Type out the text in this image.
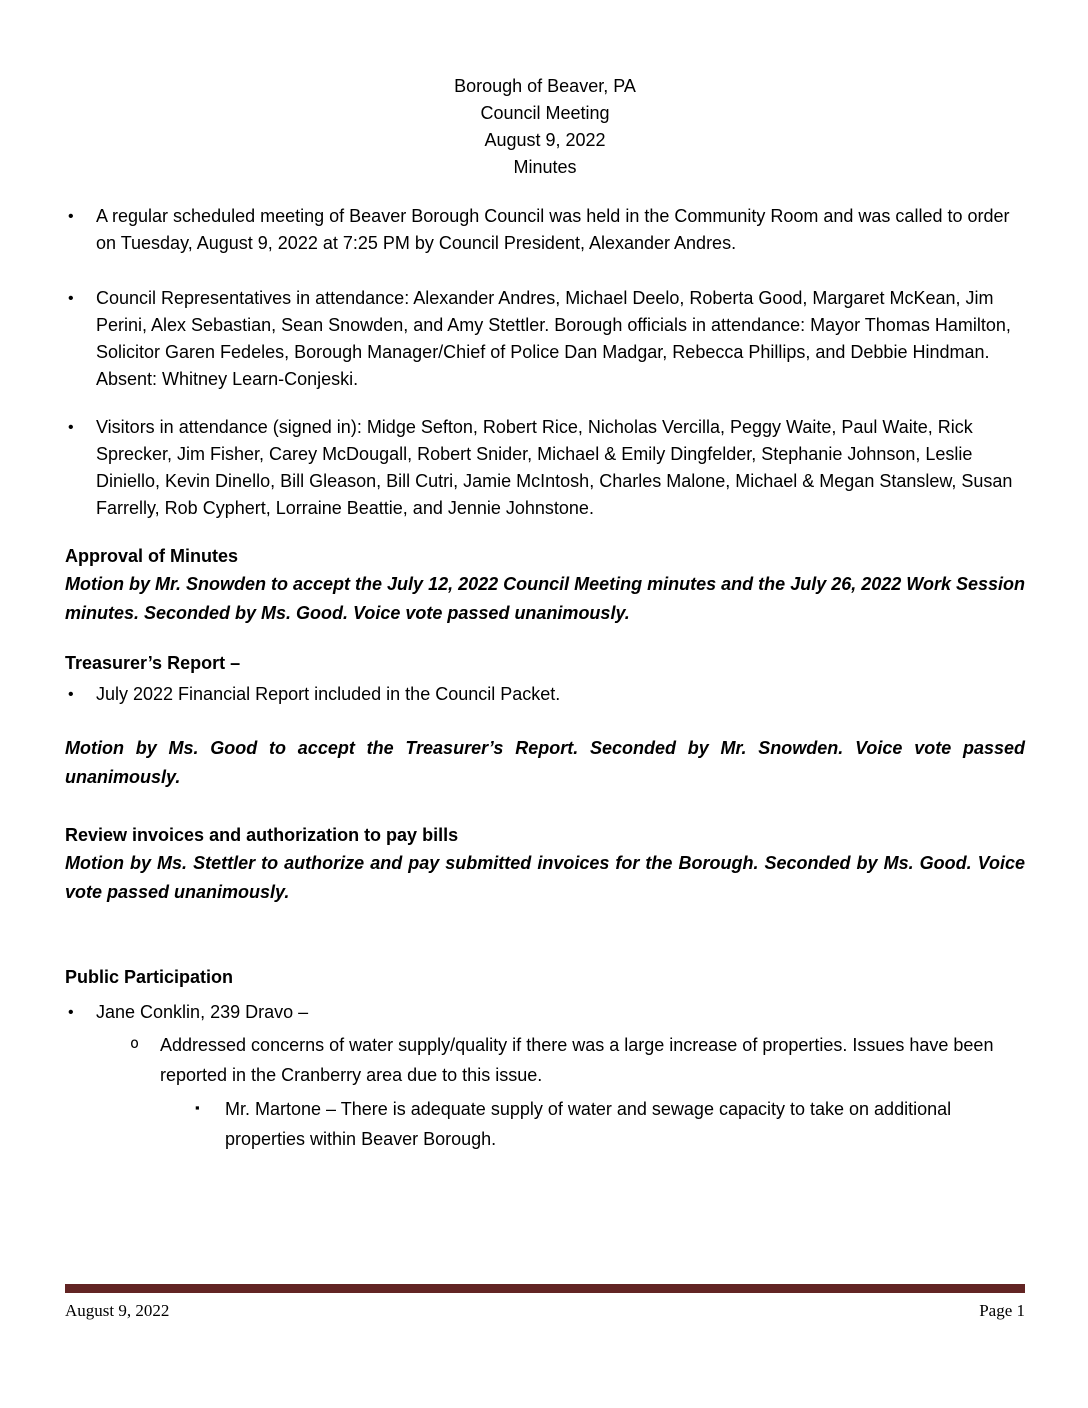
Borough of Beaver, PA

Council Meeting

August 9, 2022

Minutes

•	A regular scheduled meeting of Beaver Borough Council was held in the Community Room and was called to order on Tuesday, August 9, 2022 at 7:25 PM by Council President, Alexander Andres.

•	Council Representatives in attendance: Alexander Andres, Michael Deelo, Roberta Good, Margaret McKean, Jim Perini, Alex Sebastian, Sean Snowden, and Amy Stettler. Borough officials in attendance: Mayor Thomas Hamilton, Solicitor Garen Fedeles, Borough Manager/Chief of Police Dan Madgar, Rebecca Phillips, and Debbie Hindman. Absent: Whitney Learn-Conjeski.

•	Visitors in attendance (signed in): Midge Sefton, Robert Rice, Nicholas Vercilla, Peggy Waite, Paul Waite, Rick Sprecker, Jim Fisher, Carey McDougall, Robert Snider, Michael & Emily Dingfelder, Stephanie Johnson, Leslie Diniello, Kevin Dinello, Bill Gleason, Bill Cutri, Jamie McIntosh, Charles Malone, Michael & Megan Stanslew, Susan Farrelly, Rob Cyphert, Lorraine Beattie, and Jennie Johnstone.

Approval of Minutes

Motion by Mr. Snowden to accept the July 12, 2022 Council Meeting minutes and the July 26, 2022 Work Session minutes. Seconded by Ms. Good. Voice vote passed unanimously.

Treasurer’s Report –

•	July 2022 Financial Report included in the Council Packet.

Motion by Ms. Good to accept the Treasurer’s Report. Seconded by Mr. Snowden. Voice vote passed unanimously.

Review invoices and authorization to pay bills

Motion by Ms. Stettler to authorize and pay submitted invoices for the Borough. Seconded by Ms. Good. Voice vote passed unanimously.

Public Participation

•	Jane Conklin, 239 Dravo –

o	Addressed concerns of water supply/quality if there was a large increase of properties. Issues have been reported in the Cranberry area due to this issue.

▪	Mr. Martone – There is adequate supply of water and sewage capacity to take on additional properties within Beaver Borough.

August 9, 2022	Page 1
